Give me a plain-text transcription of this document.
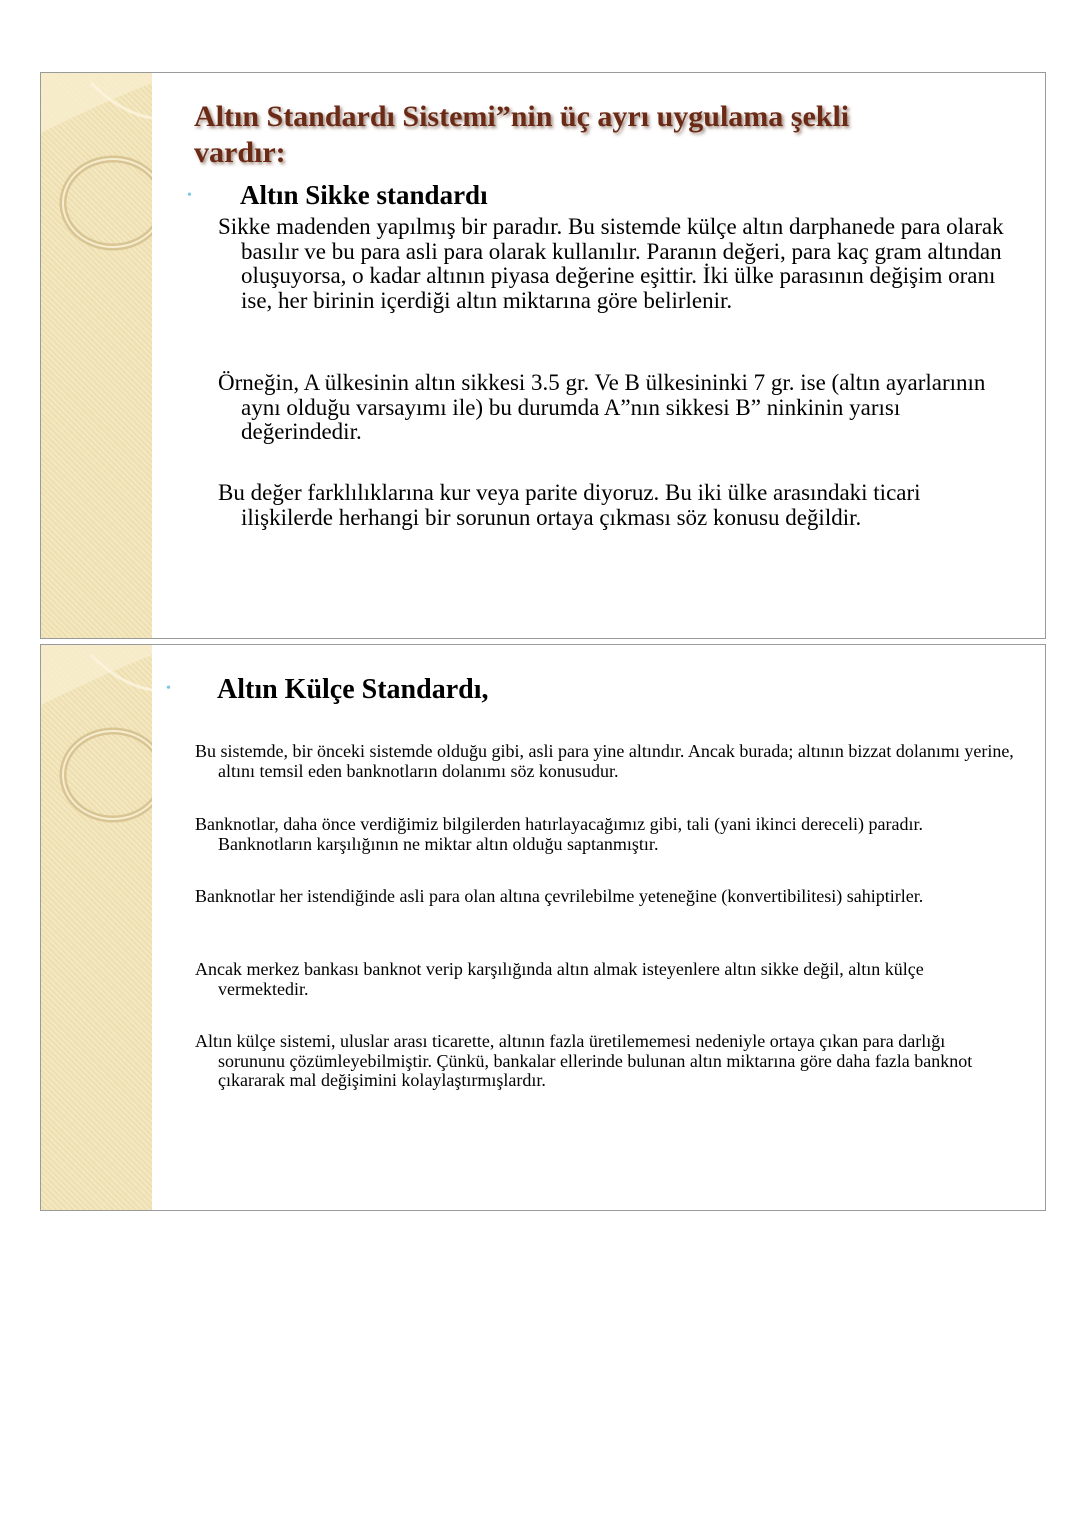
Altın Standardı Sistemi”nin üç ayrı uygulama şekli vardır:
• Altın Sikke standardı

Sikke madenden yapılmış bir paradır. Bu sistemde külçe altın darphanede para olarak basılır ve bu para asli para olarak kullanılır. Paranın değeri, para kaç gram altından oluşuyorsa, o kadar altının piyasa değerine eşittir. İki ülke parasının değişim oranı ise, her birinin içerdiği altın miktarına göre belirlenir.

Örneğin, A ülkesinin altın sikkesi 3.5 gr. Ve B ülkesininki 7 gr. ise (altın ayarlarının aynı olduğu varsayımı ile) bu durumda A”nın sikkesi B” ninkinin yarısı değerindedir.

Bu değer farklılıklarına kur veya parite diyoruz. Bu iki ülke arasındaki ticari ilişkilerde herhangi bir sorunun ortaya çıkması söz konusu değildir.

• Altın Külçe Standardı,

Bu sistemde, bir önceki sistemde olduğu gibi, asli para yine altındır. Ancak burada; altının bizzat dolanımı yerine, altını temsil eden banknotların dolanımı söz konusudur.

Banknotlar, daha önce verdiğimiz bilgilerden hatırlayacağımız gibi, tali (yani ikinci dereceli) paradır. Banknotların karşılığının ne miktar altın olduğu saptanmıştır.

Banknotlar her istendiğinde asli para olan altına çevrilebilme yeteneğine (konvertibilitesi) sahiptirler.

Ancak merkez bankası banknot verip karşılığında altın almak isteyenlere altın sikke değil, altın külçe vermektedir.

Altın külçe sistemi, uluslar arası ticarette, altının fazla üretilememesi nedeniyle ortaya çıkan para darlığı sorununu çözümleyebilmiştir. Çünkü, bankalar ellerinde bulunan altın miktarına göre daha fazla banknot çıkararak mal değişimini kolaylaştırmışlardır.
